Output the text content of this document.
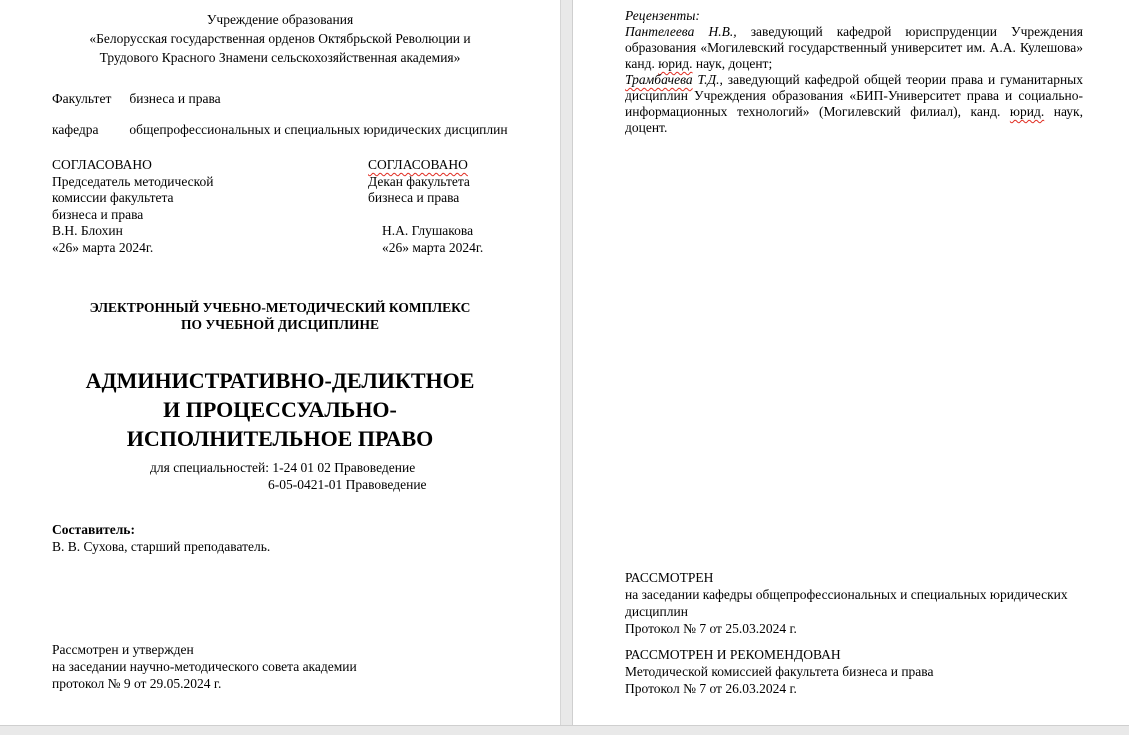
Учреждение образования
«Белорусская государственная орденов Октябрьской Революции и
Трудового Красного Знамени сельскохозяйственная академия»
Факультет бизнеса и права
кафедра общепрофессиональных и специальных юридических дисциплин
СОГЛАСОВАНО
Председатель методической
комиссии факультета
бизнеса и права
В.Н. Блохин
«26» марта 2024г.
СОГЛАСОВАНО
Декан факультета
бизнеса и права
Н.А. Глушакова
«26» марта 2024г.
ЭЛЕКТРОННЫЙ УЧЕБНО-МЕТОДИЧЕСКИЙ КОМПЛЕКС
ПО УЧЕБНОЙ ДИСЦИПЛИНЕ
АДМИНИСТРАТИВНО-ДЕЛИКТНОЕ
И ПРОЦЕССУАЛЬНО-
ИСПОЛНИТЕЛЬНОЕ ПРАВО
для специальностей: 1-24 01 02 Правоведение
6-05-0421-01 Правоведение
Составитель:
В. В. Сухова, старший преподаватель.
Рассмотрен и утвержден
на заседании научно-методического совета академии
протокол № 9 от 29.05.2024 г.
Рецензенты:
Пантелеева Н.В., заведующий кафедрой юриспруденции Учреждения образования «Могилевский государственный университет им. А.А. Кулешова» канд. юрид. наук, доцент;
Трамбачева Т.Д., заведующий кафедрой общей теории права и гуманитарных дисциплин Учреждения образования «БИП-Университет права и социально-информационных технологий» (Могилевский филиал), канд. юрид. наук, доцент.
РАССМОТРЕН
на заседании кафедры общепрофессиональных и специальных юридических дисциплин
Протокол № 7 от 25.03.2024 г.
РАССМОТРЕН И РЕКОМЕНДОВАН
Методической комиссией факультета бизнеса и права
Протокол № 7 от 26.03.2024 г.
